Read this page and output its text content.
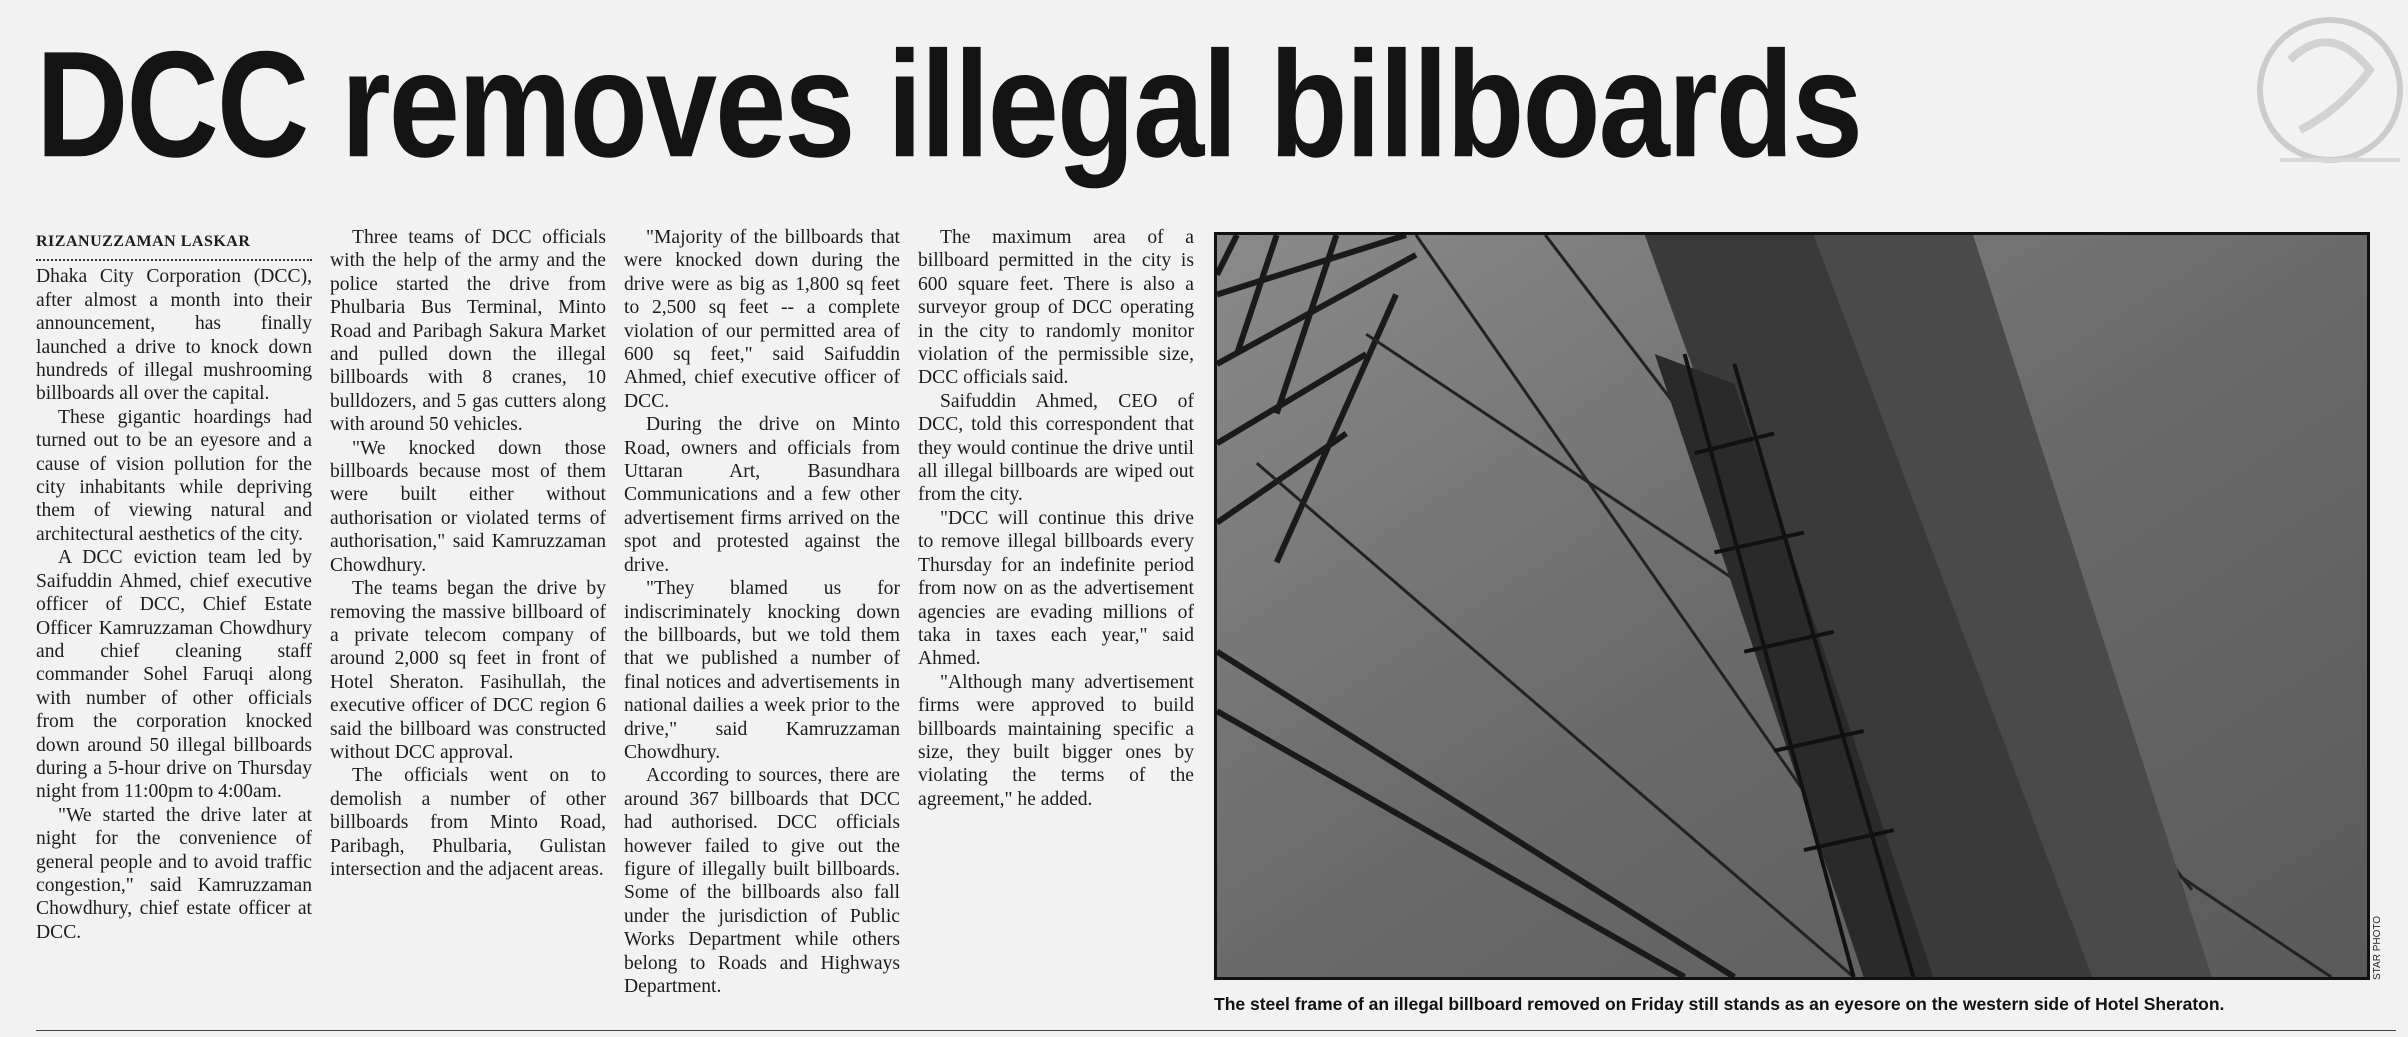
DCC removes illegal billboards
RIZANUZZAMAN LASKAR

Dhaka City Corporation (DCC), after almost a month into their announcement, has finally launched a drive to knock down hundreds of illegal mushrooming billboards all over the capital.

These gigantic hoardings had turned out to be an eyesore and a cause of vision pollution for the city inhabitants while depriving them of viewing natural and architectural aesthetics of the city.

A DCC eviction team led by Saifuddin Ahmed, chief executive officer of DCC, Chief Estate Officer Kamruzzaman Chowdhury and chief cleaning staff commander Sohel Faruqi along with number of other officials from the corporation knocked down around 50 illegal billboards during a 5-hour drive on Thursday night from 11:00pm to 4:00am.

"We started the drive later at night for the convenience of general people and to avoid traffic congestion," said Kamruzzaman Chowdhury, chief estate officer at DCC.

Three teams of DCC officials with the help of the army and the police started the drive from Phulbaria Bus Terminal, Minto Road and Paribagh Sakura Market and pulled down the illegal billboards with 8 cranes, 10 bulldozers, and 5 gas cutters along with around 50 vehicles.

"We knocked down those billboards because most of them were built either without authorisation or violated terms of authorisation," said Kamruzzaman Chowdhury.

The teams began the drive by removing the massive billboard of a private telecom company of around 2,000 sq feet in front of Hotel Sheraton. Fasihullah, the executive officer of DCC region 6 said the billboard was constructed without DCC approval.

The officials went on to demolish a number of other billboards from Minto Road, Paribagh, Phulbaria, Gulistan intersection and the adjacent areas.

"Majority of the billboards that were knocked down during the drive were as big as 1,800 sq feet to 2,500 sq feet -- a complete violation of our permitted area of 600 sq feet," said Saifuddin Ahmed, chief executive officer of DCC.

During the drive on Minto Road, owners and officials from Uttaran Art, Basundhara Communications and a few other advertisement firms arrived on the spot and protested against the drive.

"They blamed us for indiscriminately knocking down the billboards, but we told them that we published a number of final notices and advertisements in national dailies a week prior to the drive," said Kamruzzaman Chowdhury.

According to sources, there are around 367 billboards that DCC had authorised. DCC officials however failed to give out the figure of illegally built billboards. Some of the billboards also fall under the jurisdiction of Public Works Department while others belong to Roads and Highways Department.

The maximum area of a billboard permitted in the city is 600 square feet. There is also a surveyor group of DCC operating in the city to randomly monitor violation of the permissible size, DCC officials said.

Saifuddin Ahmed, CEO of DCC, told this correspondent that they would continue the drive until all illegal billboards are wiped out from the city.

"DCC will continue this drive to remove illegal billboards every Thursday for an indefinite period from now on as the advertisement agencies are evading millions of taka in taxes each year," said Ahmed.

"Although many advertisement firms were approved to build billboards maintaining specific a size, they built bigger ones by violating the terms of the agreement," he added.

STAR PHOTO
The steel frame of an illegal billboard removed on Friday still stands as an eyesore on the western side of Hotel Sheraton.
